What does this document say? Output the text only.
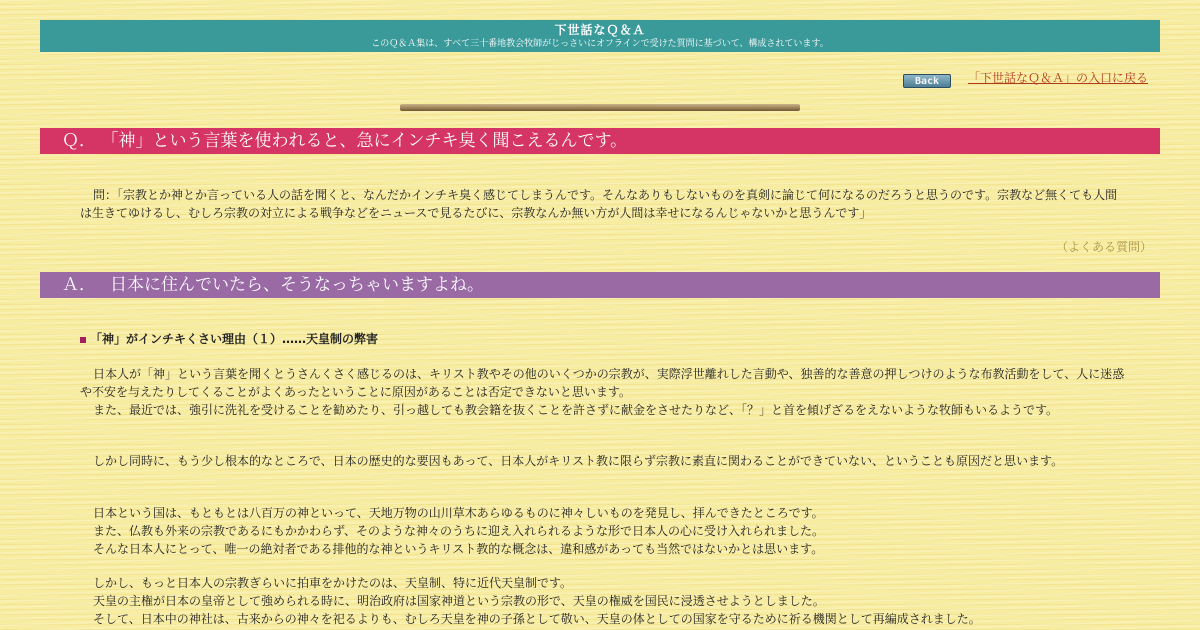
下世話なＱ＆Ａ
このＱ＆Ａ集は、すべて三十番地教会牧師がじっさいにオフラインで受けた質問に基づいて、構成されています。
Back	「下世話なＱ＆Ａ」の入口に戻る
Ｑ． 「神」という言葉を使われると、急にインチキ臭く聞こえるんです。
問：「宗教とか神とか言っている人の話を聞くと、なんだかインチキ臭く感じてしまうんです。そんなありもしないものを真剣に論じて何になるのだろうと思うのです。宗教など無くても人間は生きてゆけるし、むしろ宗教の対立による戦争などをニュースで見るたびに、宗教なんか無い方が人間は幸せになるんじゃないかと思うんです」
（よくある質問）
Ａ． 日本に住んでいたら、そうなっちゃいますよね。
「神」がインチキくさい理由（１）……天皇制の弊害
日本人が「神」という言葉を聞くとうさんくさく感じるのは、キリスト教やその他のいくつかの宗教が、実際浮世離れした言動や、独善的な善意の押しつけのような布教活動をして、人に迷惑や不安を与えたりしてくることがよくあったということに原因があることは否定できないと思います。
また、最近では、強引に洗礼を受けることを勧めたり、引っ越しても教会籍を抜くことを許さずに献金をさせたりなど、「？」と首を傾げざるをえないような牧師もいるようです。
しかし同時に、もう少し根本的なところで、日本の歴史的な要因もあって、日本人がキリスト教に限らず宗教に素直に関わることができていない、ということも原因だと思います。
日本という国は、もともとは八百万の神といって、天地万物の山川草木あらゆるものに神々しいものを発見し、拝んできたところです。
また、仏教も外来の宗教であるにもかかわらず、そのような神々のうちに迎え入れられるような形で日本人の心に受け入れられました。
そんな日本人にとって、唯一の絶対者である排他的な神というキリスト教的な概念は、違和感があっても当然ではないかとは思います。
しかし、もっと日本人の宗教ぎらいに拍車をかけたのは、天皇制、特に近代天皇制です。
天皇の主権が日本の皇帝として強められる時に、明治政府は国家神道という宗教の形で、天皇の権威を国民に浸透させようとしました。
そして、日本中の神社は、古来からの神々を祀るよりも、むしろ天皇を神の子孫として敬い、天皇の体としての国家を守るために祈る機関として再編成されました。
